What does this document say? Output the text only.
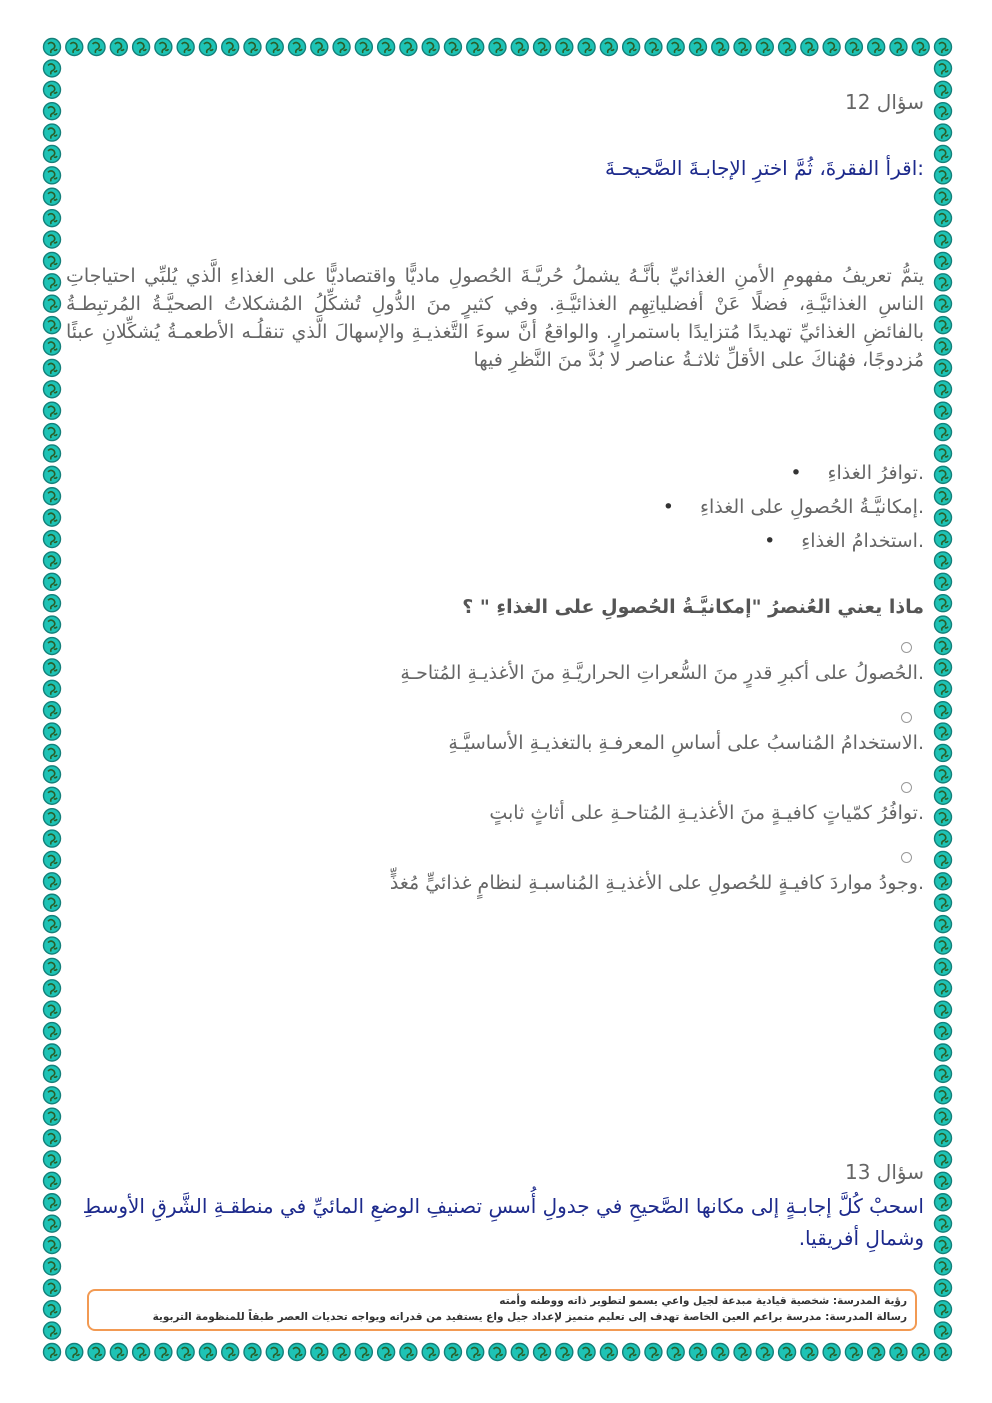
سؤال 12
:اقرأ الفقرةَ، ثُمَّ اخترِ الإجابـةَ الصَّحيحـةَ
يتمُّ تعريفُ مفهومِ الأمنِ الغذائيِّ بأنَّـهُ يشملُ حُريَّـةَ الحُصولِ ماديًّا واقتصاديًّا على الغذاءِ الَّذي يُلبِّي احتياجاتِ الناسِ الغذائيَّـةِ، فضلًا عَنْ أفضلياتِهِم الغذائيَّـةِ. وفي كثيرٍ منَ الدُّولِ تُشكِّلُ المُشكلاتُ الصحيَّـةُ المُرتبِطـةُ بالفائضِ الغذائيِّ تهديدًا مُتزايدًا باستمرارٍ. والواقعُ أنَّ سوءَ التَّغذيـةِ والإسهالَ الَّذي تنقلُـه الأطعمـةُ يُشكِّلانِ عبئًا مُزدوجًا، فهُناكَ على الأقلِّ ثلاثـةُ عناصر لا بُدَّ منَ النَّظرِ فيها
.توافرُ الغذاءِ•
.إمكانيَّـةُ الحُصولِ على الغذاءِ•
.استخدامُ الغذاءِ•
ماذا يعني العُنصرُ "إمكانيَّـةُ الحُصولِ على الغذاءِ " ؟
.الحُصولُ على أكبرِ قدرٍ منَ السُّعراتِ الحراريَّـةِ منَ الأغذيـةِ المُتاحـةِ
.الاستخدامُ المُناسبُ على أساسِ المعرفـةِ بالتغذيـةِ الأساسيَّـةِ
.توافُرُ كمّياتٍ كافيـةٍ منَ الأغذيـةِ المُتاحـةِ على أثاثٍ ثابتٍ
.وجودُ مواردَ كافيـةٍ للحُصولِ على الأغذيـةِ المُناسبـةِ لنظامٍ غذائيٍّ مُغذٍّ
سؤال 13
اسحبْ كُلَّ إجابـةٍ إلى مكانها الصَّحيحِ في جدولِ أُسسِ تصنيفِ الوضعِ المائيِّ في منطقـةِ الشَّرقِ الأوسطِ وشمالِ أفريقيا.
رؤية المدرسة: شخصية قيادية مبدعة لجيل واعي يسمو لتطوير ذاته ووطنه وأمته
رسالة المدرسة: مدرسة براعم العين الخاصة تهدف إلى تعليم متميز لإعداد جيل واع يستفيد من قدراته ويواجه تحديات العصر طبقاً للمنظومة التربوية
